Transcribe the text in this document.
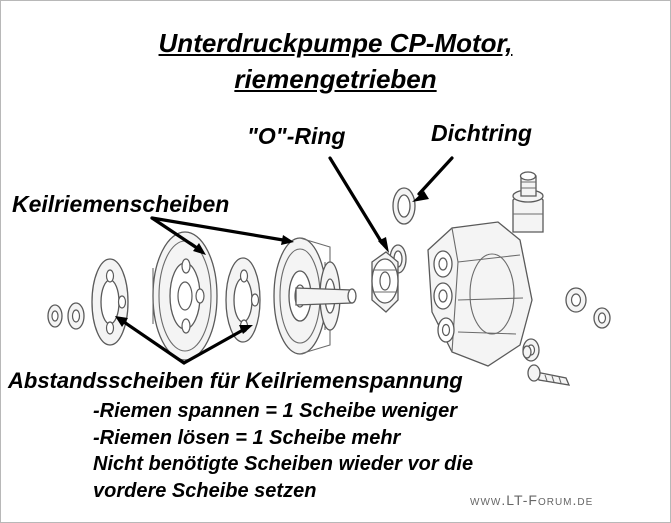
Unterdruckpumpe CP-Motor,
riemengetrieben
"O"-Ring	Dichtring
Keilriemenscheiben
Abstandsscheiben für Keilriemenspannung
-Riemen spannen = 1 Scheibe weniger
-Riemen lösen = 1 Scheibe mehr
Nicht benötigte Scheiben wieder vor die
vordere Scheibe setzen	www.LT-Forum.de
